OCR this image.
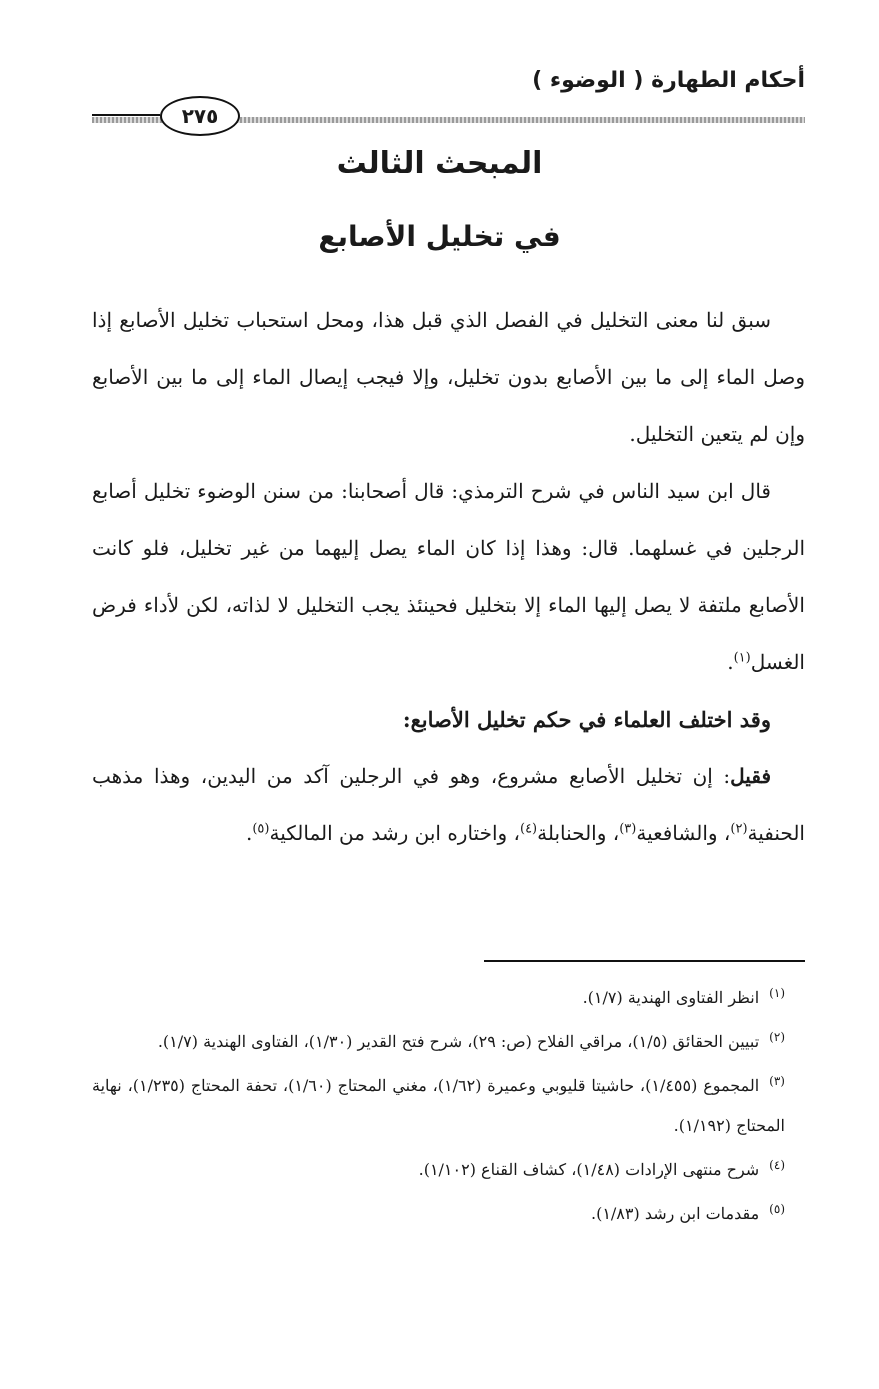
أحكام الطهارة ( الوضوء )
٢٧٥
المبحث الثالث
في تخليل الأصابع

سبق لنا معنى التخليل في الفصل الذي قبل هذا، ومحل استحباب تخليل الأصابع إذا وصل الماء إلى ما بين الأصابع بدون تخليل، وإلا فيجب إيصال الماء إلى ما بين الأصابع وإن لم يتعين التخليل.

قال ابن سيد الناس في شرح الترمذي: قال أصحابنا: من سنن الوضوء تخليل أصابع الرجلين في غسلهما. قال: وهذا إذا كان الماء يصل إليهما من غير تخليل، فلو كانت الأصابع ملتفة لا يصل إليها الماء إلا بتخليل فحينئذ يجب التخليل لا لذاته، لكن لأداء فرض الغسل$^{(١)}$.

وقد اختلف العلماء في حكم تخليل الأصابع:

فقيل: إن تخليل الأصابع مشروع، وهو في الرجلين آكد من اليدين، وهذا مذهب الحنفية$^{(٢)}$، والشافعية$^{(٣)}$، والحنابلة$^{(٤)}$، واختاره ابن رشد من المالكية$^{(٥)}$.

$^{(١)}$انظر الفتاوى الهندية (١/٧).

$^{(٢)}$تبيين الحقائق (١/٥)، مراقي الفلاح (ص: ٢٩)، شرح فتح القدير (١/٣٠)، الفتاوى الهندية (١/٧).

$^{(٣)}$المجموع (١/٤٥٥)، حاشيتا قليوبي وعميرة (١/٦٢)، مغني المحتاج (١/٦٠)، تحفة المحتاج (١/٢٣٥)، نهاية المحتاج (١/١٩٢).

$^{(٤)}$شرح منتهى الإرادات (١/٤٨)، كشاف القناع (١/١٠٢).

$^{(٥)}$مقدمات ابن رشد (١/٨٣).
